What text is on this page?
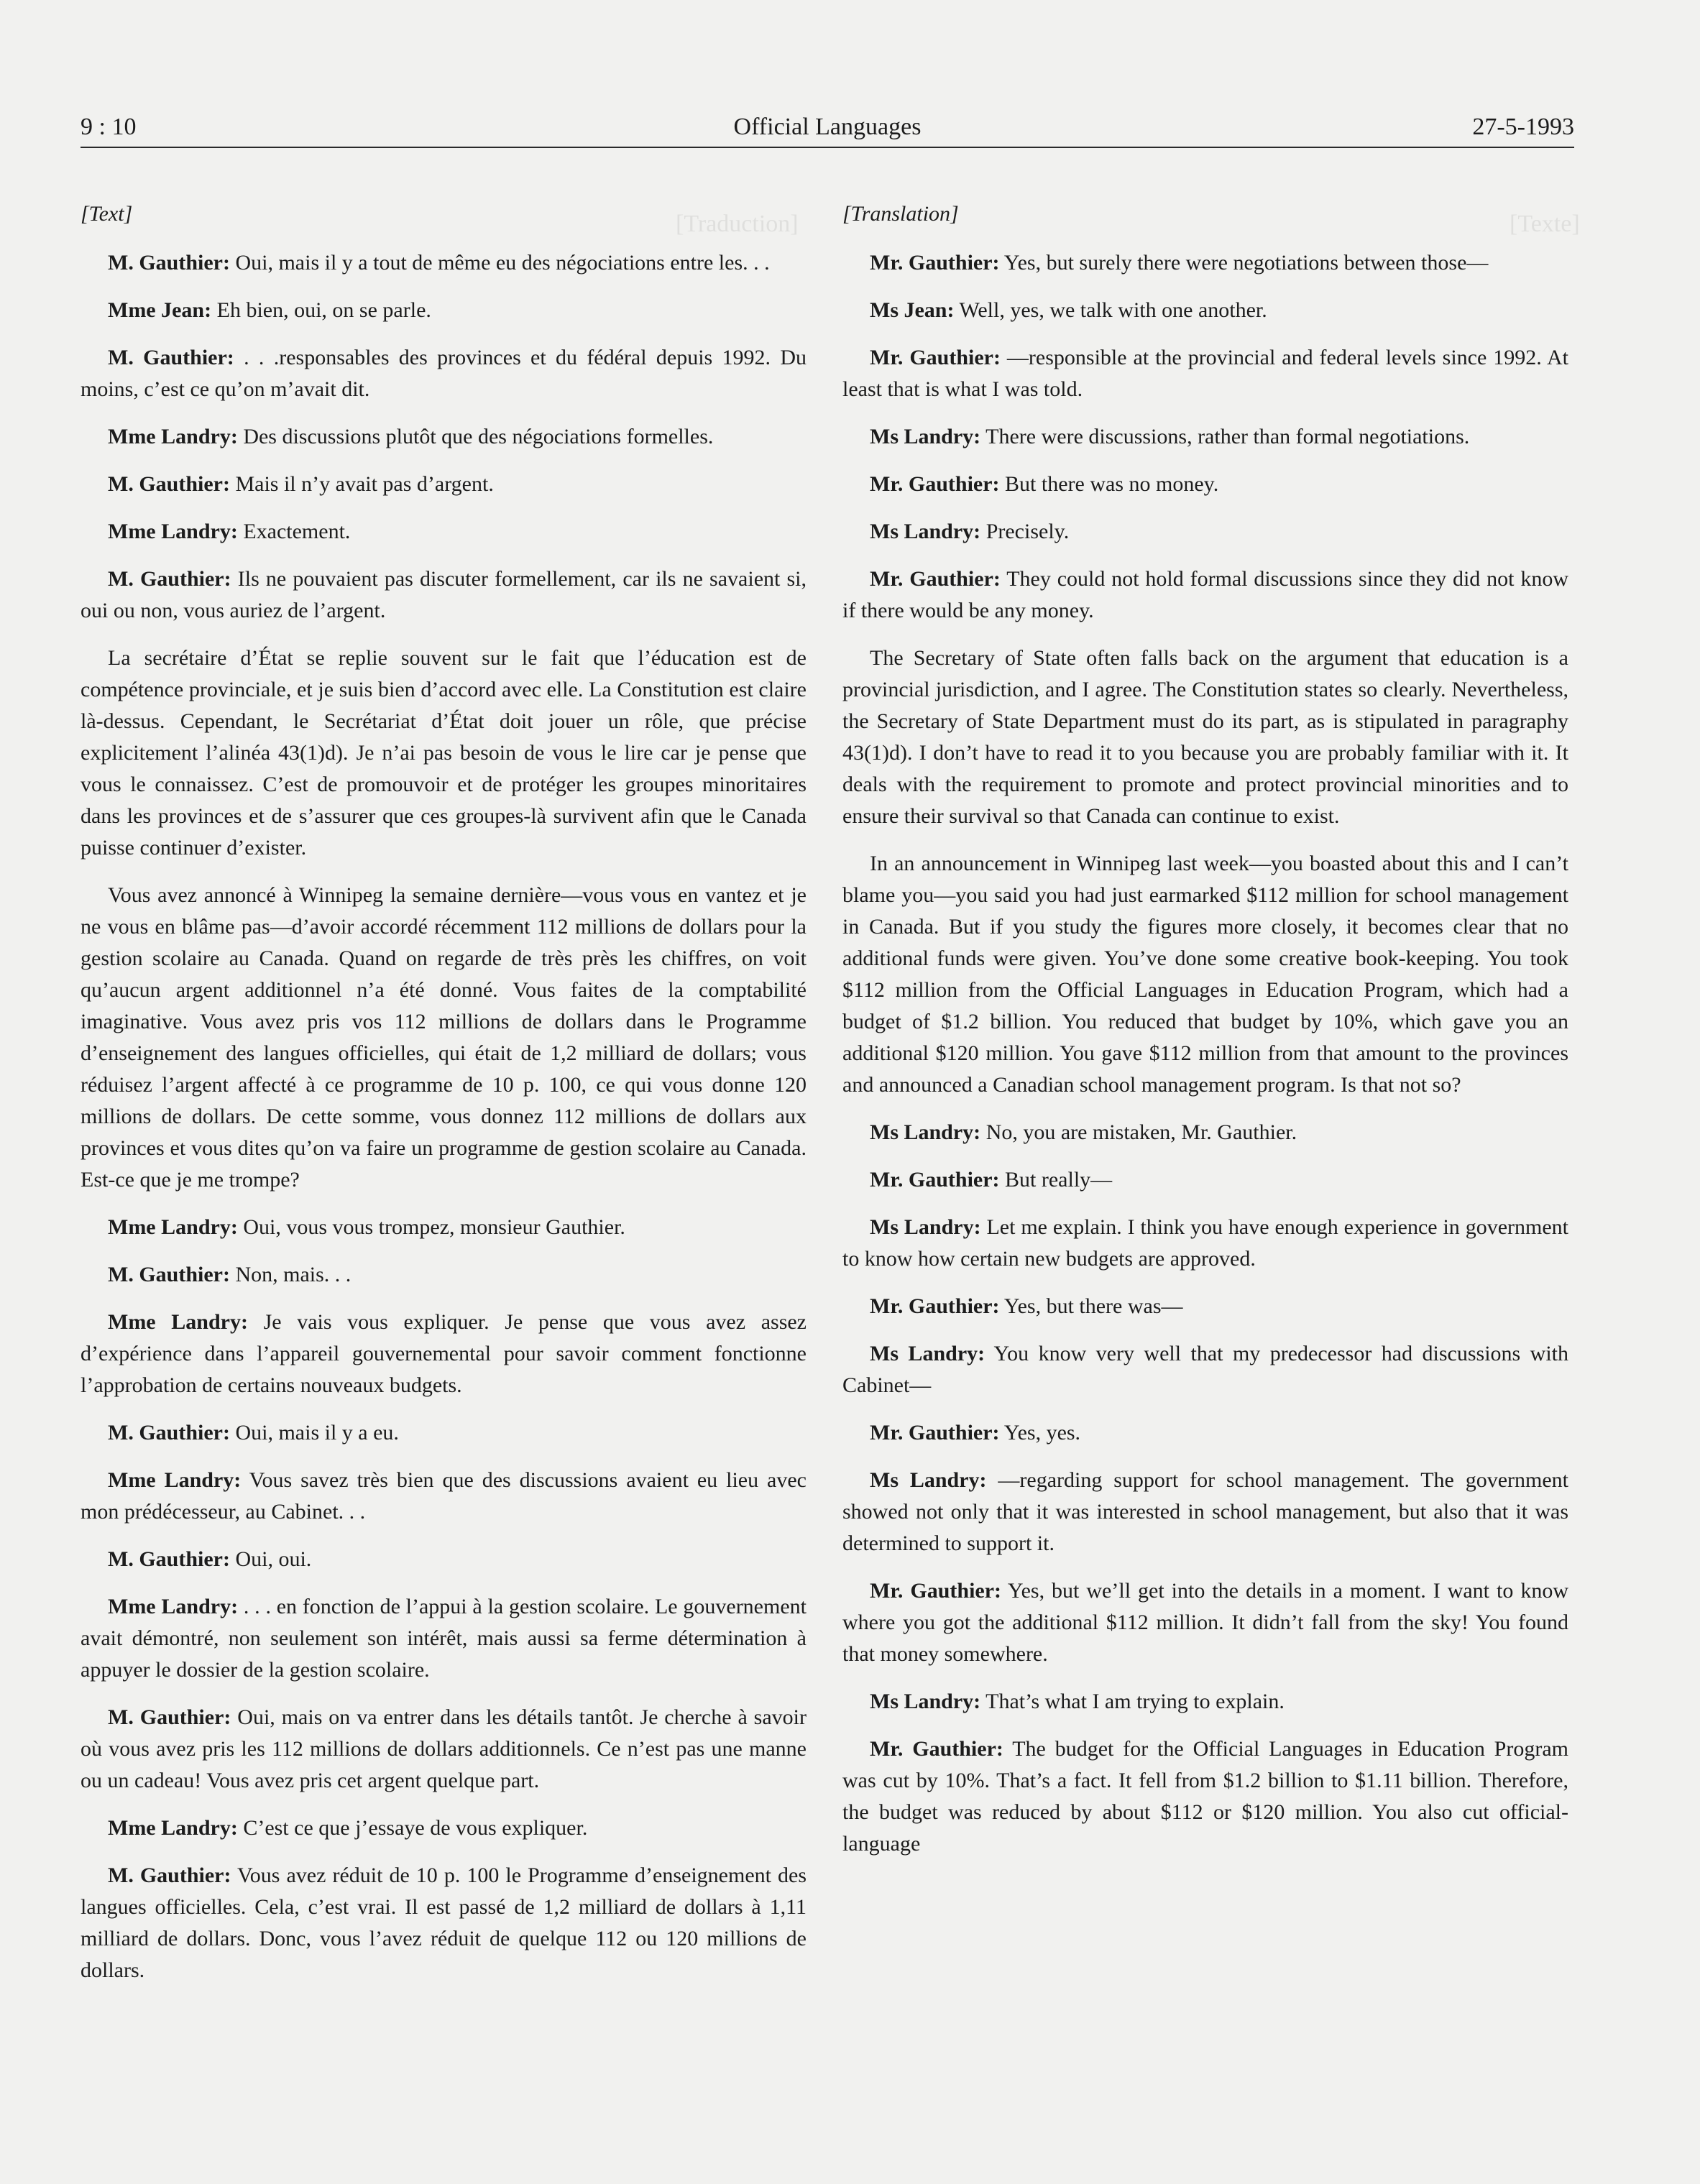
[Traduction]	[Texte]
9 : 10	Official Languages	27-5-1993

[Text]

M. Gauthier: Oui, mais il y a tout de même eu des négociations entre les. . .

Mme Jean: Eh bien, oui, on se parle.

M. Gauthier: . . .responsables des provinces et du fédéral depuis 1992. Du moins, c’est ce qu’on m’avait dit.

Mme Landry: Des discussions plutôt que des négociations formelles.

M. Gauthier: Mais il n’y avait pas d’argent.

Mme Landry: Exactement.

M. Gauthier: Ils ne pouvaient pas discuter formellement, car ils ne savaient si, oui ou non, vous auriez de l’argent.

La secrétaire d’État se replie souvent sur le fait que l’éducation est de compétence provinciale, et je suis bien d’accord avec elle. La Constitution est claire là-dessus. Cependant, le Secrétariat d’État doit jouer un rôle, que précise explicitement l’alinéa 43(1)d). Je n’ai pas besoin de vous le lire car je pense que vous le connaissez. C’est de promouvoir et de protéger les groupes minoritaires dans les provinces et de s’assurer que ces groupes-là survivent afin que le Canada puisse continuer d’exister.

Vous avez annoncé à Winnipeg la semaine dernière—vous vous en vantez et je ne vous en blâme pas—d’avoir accordé récemment 112 millions de dollars pour la gestion scolaire au Canada. Quand on regarde de très près les chiffres, on voit qu’aucun argent additionnel n’a été donné. Vous faites de la comptabilité imaginative. Vous avez pris vos 112 millions de dollars dans le Programme d’enseignement des langues officielles, qui était de 1,2 milliard de dollars; vous réduisez l’argent affecté à ce programme de 10 p. 100, ce qui vous donne 120 millions de dollars. De cette somme, vous donnez 112 millions de dollars aux provinces et vous dites qu’on va faire un programme de gestion scolaire au Canada. Est-ce que je me trompe?

Mme Landry: Oui, vous vous trompez, monsieur Gauthier.

M. Gauthier: Non, mais. . .

Mme Landry: Je vais vous expliquer. Je pense que vous avez assez d’expérience dans l’appareil gouvernemental pour savoir comment fonctionne l’approbation de certains nouveaux budgets.

M. Gauthier: Oui, mais il y a eu.

Mme Landry: Vous savez très bien que des discussions avaient eu lieu avec mon prédécesseur, au Cabinet. . .

M. Gauthier: Oui, oui.

Mme Landry: . . . en fonction de l’appui à la gestion scolaire. Le gouvernement avait démontré, non seulement son intérêt, mais aussi sa ferme détermination à appuyer le dossier de la gestion scolaire.

M. Gauthier: Oui, mais on va entrer dans les détails tantôt. Je cherche à savoir où vous avez pris les 112 millions de dollars additionnels. Ce n’est pas une manne ou un cadeau! Vous avez pris cet argent quelque part.

Mme Landry: C’est ce que j’essaye de vous expliquer.

M. Gauthier: Vous avez réduit de 10 p. 100 le Programme d’enseignement des langues officielles. Cela, c’est vrai. Il est passé de 1,2 milliard de dollars à 1,11 milliard de dollars. Donc, vous l’avez réduit de quelque 112 ou 120 millions de dollars.

[Translation]

Mr. Gauthier: Yes, but surely there were negotiations between those—

Ms Jean: Well, yes, we talk with one another.

Mr. Gauthier: —responsible at the provincial and federal levels since 1992. At least that is what I was told.

Ms Landry: There were discussions, rather than formal negotiations.

Mr. Gauthier: But there was no money.

Ms Landry: Precisely.

Mr. Gauthier: They could not hold formal discussions since they did not know if there would be any money.

The Secretary of State often falls back on the argument that education is a provincial jurisdiction, and I agree. The Constitution states so clearly. Nevertheless, the Secretary of State Department must do its part, as is stipulated in paragraphy 43(1)d). I don’t have to read it to you because you are probably familiar with it. It deals with the requirement to promote and protect provincial minorities and to ensure their survival so that Canada can continue to exist.

In an announcement in Winnipeg last week—you boasted about this and I can’t blame you—you said you had just earmarked $112 million for school management in Canada. But if you study the figures more closely, it becomes clear that no additional funds were given. You’ve done some creative book-keeping. You took $112 million from the Official Languages in Education Program, which had a budget of $1.2 billion. You reduced that budget by 10%, which gave you an additional $120 million. You gave $112 million from that amount to the provinces and announced a Canadian school management program. Is that not so?

Ms Landry: No, you are mistaken, Mr. Gauthier.

Mr. Gauthier: But really—

Ms Landry: Let me explain. I think you have enough experience in government to know how certain new budgets are approved.

Mr. Gauthier: Yes, but there was—

Ms Landry: You know very well that my predecessor had discussions with Cabinet—

Mr. Gauthier: Yes, yes.

Ms Landry: —regarding support for school management. The government showed not only that it was interested in school management, but also that it was determined to support it.

Mr. Gauthier: Yes, but we’ll get into the details in a moment. I want to know where you got the additional $112 million. It didn’t fall from the sky! You found that money somewhere.

Ms Landry: That’s what I am trying to explain.

Mr. Gauthier: The budget for the Official Languages in Education Program was cut by 10%. That’s a fact. It fell from $1.2 billion to $1.11 billion. Therefore, the budget was reduced by about $112 or $120 million. You also cut official-language
